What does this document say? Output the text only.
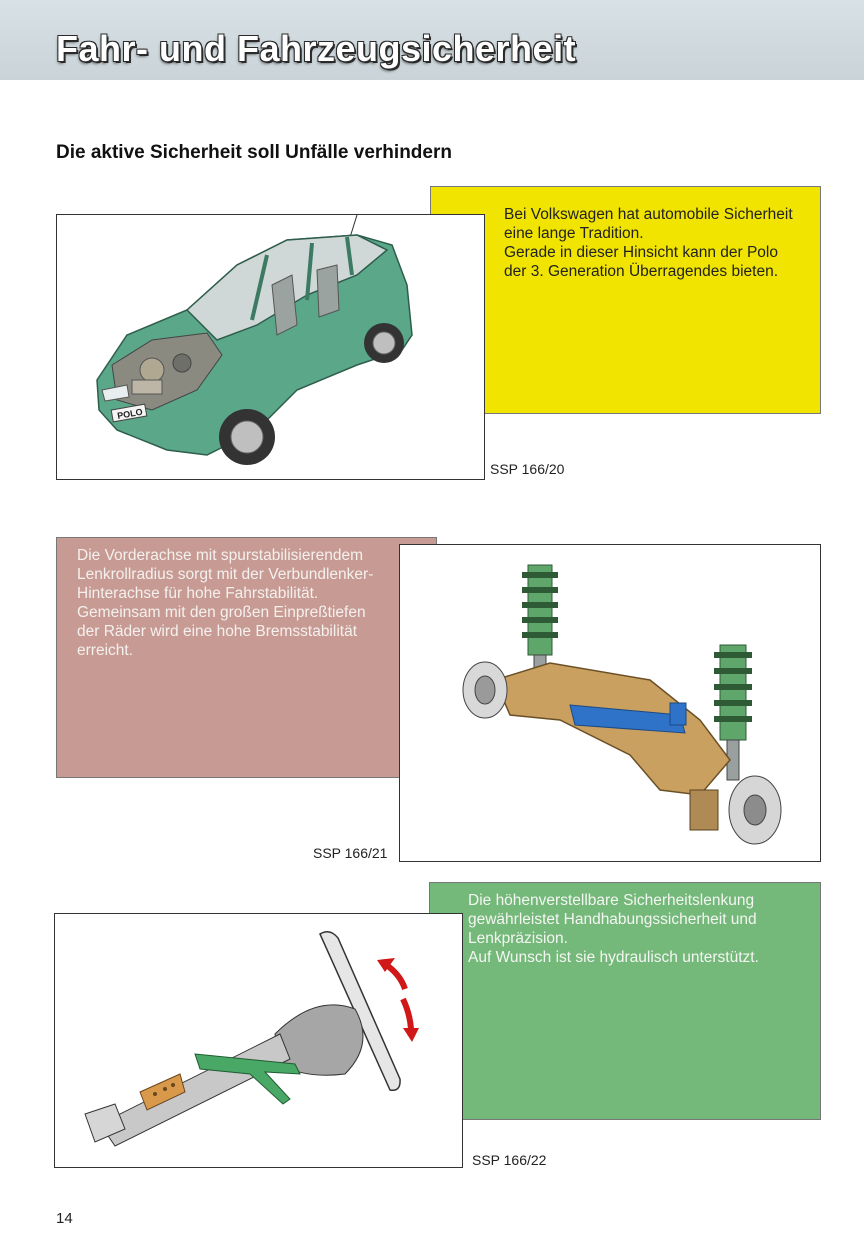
Fahr- und Fahrzeugsicherheit
Die aktive Sicherheit soll Unfälle verhindern

Bei Volkswagen hat automobile Sicherheit

eine lange Tradition.

Gerade in dieser Hinsicht kann der Polo

der 3. Generation Überragendes bieten.

POLO
SSP 166/20

Die Vorderachse mit spurstabilisierendem

Lenkrollradius sorgt mit der Verbundlenker-

Hinterachse für hohe Fahrstabilität.

Gemeinsam mit den großen Einpreßtiefen

der Räder wird eine hohe Bremsstabilität

erreicht.

SSP 166/21

Die höhenverstellbare Sicherheitslenkung

gewährleistet Handhabungssicherheit und

Lenkpräzision.

Auf Wunsch ist sie hydraulisch unterstützt.

SSP 166/22
14
